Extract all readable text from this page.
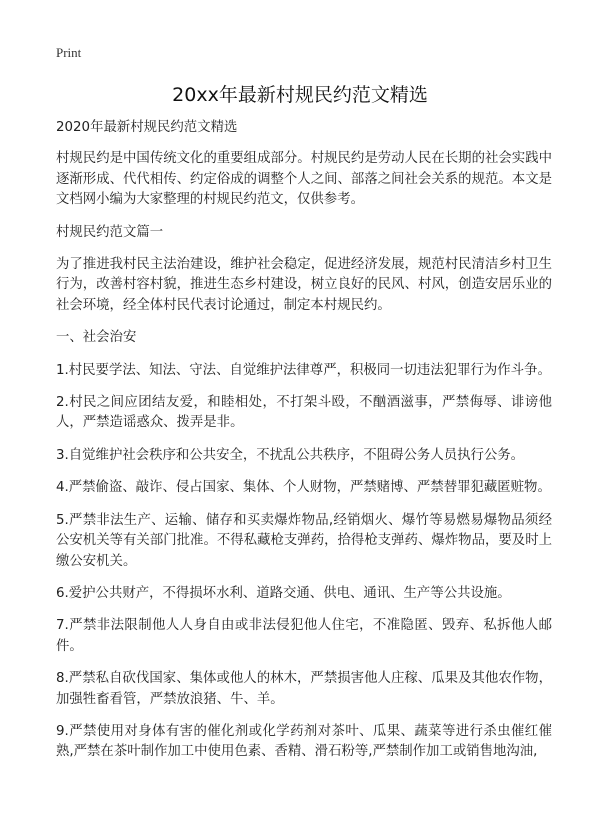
Print
20xx年最新村规民约范文精选

2020年最新村规民约范文精选

村规民约是中国传统文化的重要组成部分。村规民约是劳动人民在长期的社会实践中逐渐形成、代代相传、约定俗成的调整个人之间、部落之间社会关系的规范。本文是文档网小编为大家整理的村规民约范文，仅供参考。

村规民约范文篇一

为了推进我村民主法治建设，维护社会稳定，促进经济发展，规范村民清洁乡村卫生行为，改善村容村貌，推进生态乡村建设，树立良好的民风、村风，创造安居乐业的社会环境，经全体村民代表讨论通过，制定本村规民约。

一、社会治安

1.村民要学法、知法、守法、自觉维护法律尊严，积极同一切违法犯罪行为作斗争。

2.村民之间应团结友爱，和睦相处，不打架斗殴，不酗酒滋事，严禁侮辱、诽谤他人，严禁造谣惑众、拨弄是非。

3.自觉维护社会秩序和公共安全，不扰乱公共秩序，不阻碍公务人员执行公务。

4.严禁偷盗、敲诈、侵占国家、集体、个人财物，严禁赌博、严禁替罪犯藏匿赃物。

5.严禁非法生产、运输、储存和买卖爆炸物品,经销烟火、爆竹等易燃易爆物品须经公安机关等有关部门批准。不得私藏枪支弹药，拾得枪支弹药、爆炸物品，要及时上缴公安机关。

6.爱护公共财产，不得损坏水利、道路交通、供电、通讯、生产等公共设施。

7.严禁非法限制他人人身自由或非法侵犯他人住宅，不准隐匿、毁弃、私拆他人邮件。

8.严禁私自砍伐国家、集体或他人的林木，严禁损害他人庄稼、瓜果及其他农作物，加强牲畜看管，严禁放浪猪、牛、羊。

9.严禁使用对身体有害的催化剂或化学药剂对茶叶、瓜果、蔬菜等进行杀虫催红催熟,严禁在茶叶制作加工中使用色素、香精、滑石粉等,严禁制作加工或销售地沟油,
